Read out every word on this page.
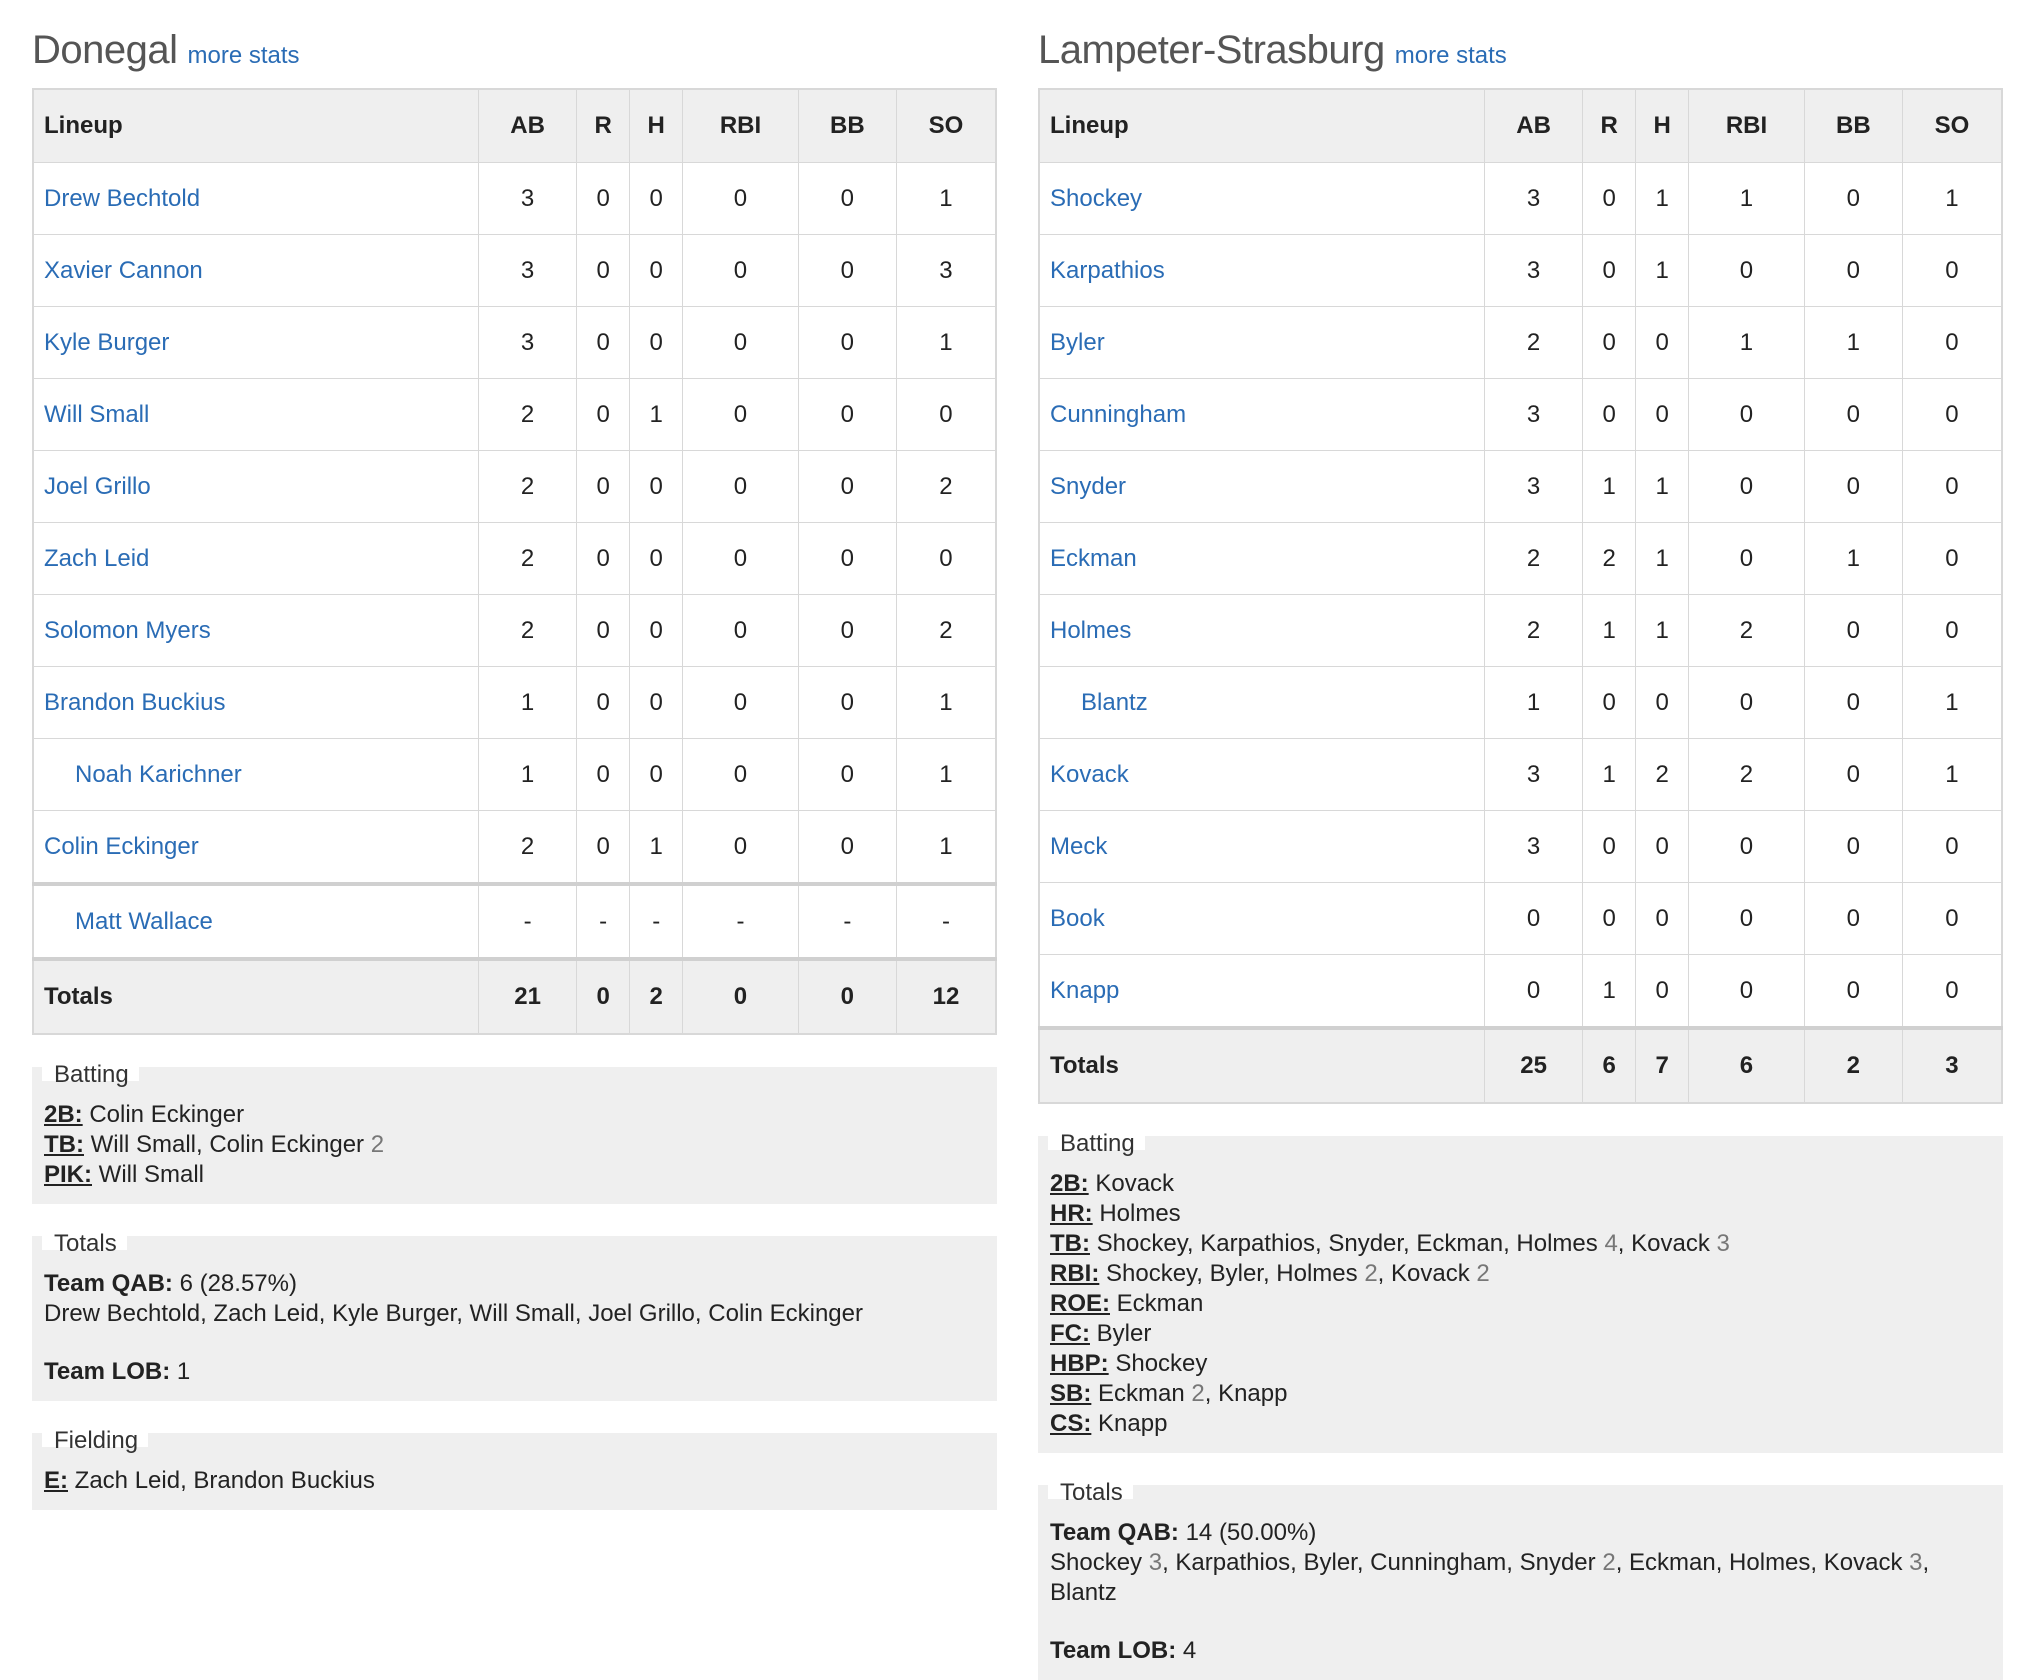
Donegal more stats
Lineup	AB	R	H	RBI	BB	SO
Drew Bechtold	3	0	0	0	0	1
Xavier Cannon	3	0	0	0	0	3
Kyle Burger	3	0	0	0	0	1
Will Small	2	0	1	0	0	0
Joel Grillo	2	0	0	0	0	2
Zach Leid	2	0	0	0	0	0
Solomon Myers	2	0	0	0	0	2
Brandon Buckius	1	0	0	0	0	1
Noah Karichner	1	0	0	0	0	1
Colin Eckinger	2	0	1	0	0	1
Matt Wallace	-	-	-	-	-	-
Totals	21	0	2	0	0	12
Batting
2B: Colin Eckinger
TB: Will Small, Colin Eckinger 2
PIK: Will Small
Totals
Team QAB: 6 (28.57%)
Drew Bechtold, Zach Leid, Kyle Burger, Will Small, Joel Grillo, Colin Eckinger
Team LOB: 1
Fielding
E: Zach Leid, Brandon Buckius
Lampeter-Strasburg more stats
Lineup	AB	R	H	RBI	BB	SO
Shockey	3	0	1	1	0	1
Karpathios	3	0	1	0	0	0
Byler	2	0	0	1	1	0
Cunningham	3	0	0	0	0	0
Snyder	3	1	1	0	0	0
Eckman	2	2	1	0	1	0
Holmes	2	1	1	2	0	0
Blantz	1	0	0	0	0	1
Kovack	3	1	2	2	0	1
Meck	3	0	0	0	0	0
Book	0	0	0	0	0	0
Knapp	0	1	0	0	0	0
Totals	25	6	7	6	2	3
Batting
2B: Kovack
HR: Holmes
TB: Shockey, Karpathios, Snyder, Eckman, Holmes 4, Kovack 3
RBI: Shockey, Byler, Holmes 2, Kovack 2
ROE: Eckman
FC: Byler
HBP: Shockey
SB: Eckman 2, Knapp
CS: Knapp
Totals
Team QAB: 14 (50.00%)
Shockey 3, Karpathios, Byler, Cunningham, Snyder 2, Eckman, Holmes, Kovack 3,
Blantz
Team LOB: 4
